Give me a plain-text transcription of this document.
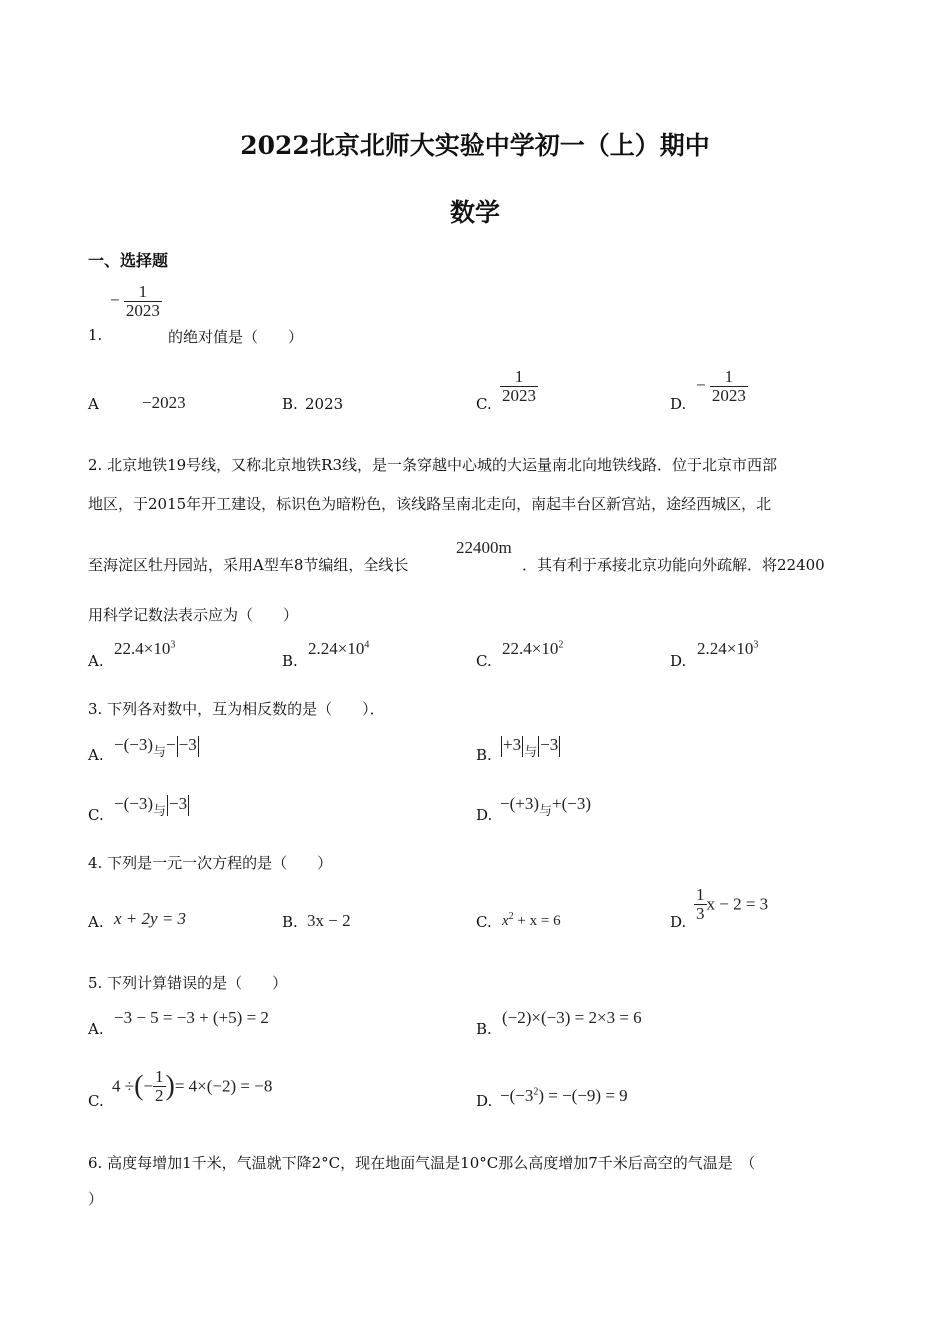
2022北京北师大实验中学初一（上）期中
数学
一、选择题
− $\frac{1}{2023}$
1.	的绝对值是（　　）
A	−2023	B. 2023	C. $\frac{1}{2023}$	D.
− $\frac{1}{2023}$
2. 北京地铁19号线，又称北京地铁R3线，是一条穿越中心城的大运量南北向地铁线路．位于北京市西部
地区，于2015年开工建设，标识色为暗粉色，该线路呈南北走向，南起丰台区新宫站，途经西城区，北
至海淀区牡丹园站，采用A型车8节编组，全线长
22400m
．其有利于承接北京功能向外疏解．将22400
用科学记数法表示应为（　　）
A.
$22.4\times 10^3$
B.
$2.24\times 10^4$
C.
$22.4\times 10^2$
D.
$2.24\times 10^3$
3. 下列各对数中，互为相反数的是（　　）．
A.
$-(-3)_与- -3$
B.
+3 $_与$ −3
C.
$-(-3)_与 -3$
D.
$-(+3)_与+(-3)$
4. 下列是一元一次方程的是（　　）
A. x + 2y = 3	B. 3x − 2	C. $x^2 + x = 6$	D. $\frac{1}{3}$ x − 2 = 3
5. 下列计算错误的是（　　）
A.
−3 − 5 = −3 + (+5) = 2
B.
(−2)×(−3) = 2×3 = 6
C.
4 ÷(− $\frac{1}{2}$ )= 4×(−2) = −8
D. $-(-3^2) = -(-9) = 9$
6. 高度每增加1千米，气温就下降2°C，现在地面气温是10°C那么高度增加7千米后高空的气温是　（
）
